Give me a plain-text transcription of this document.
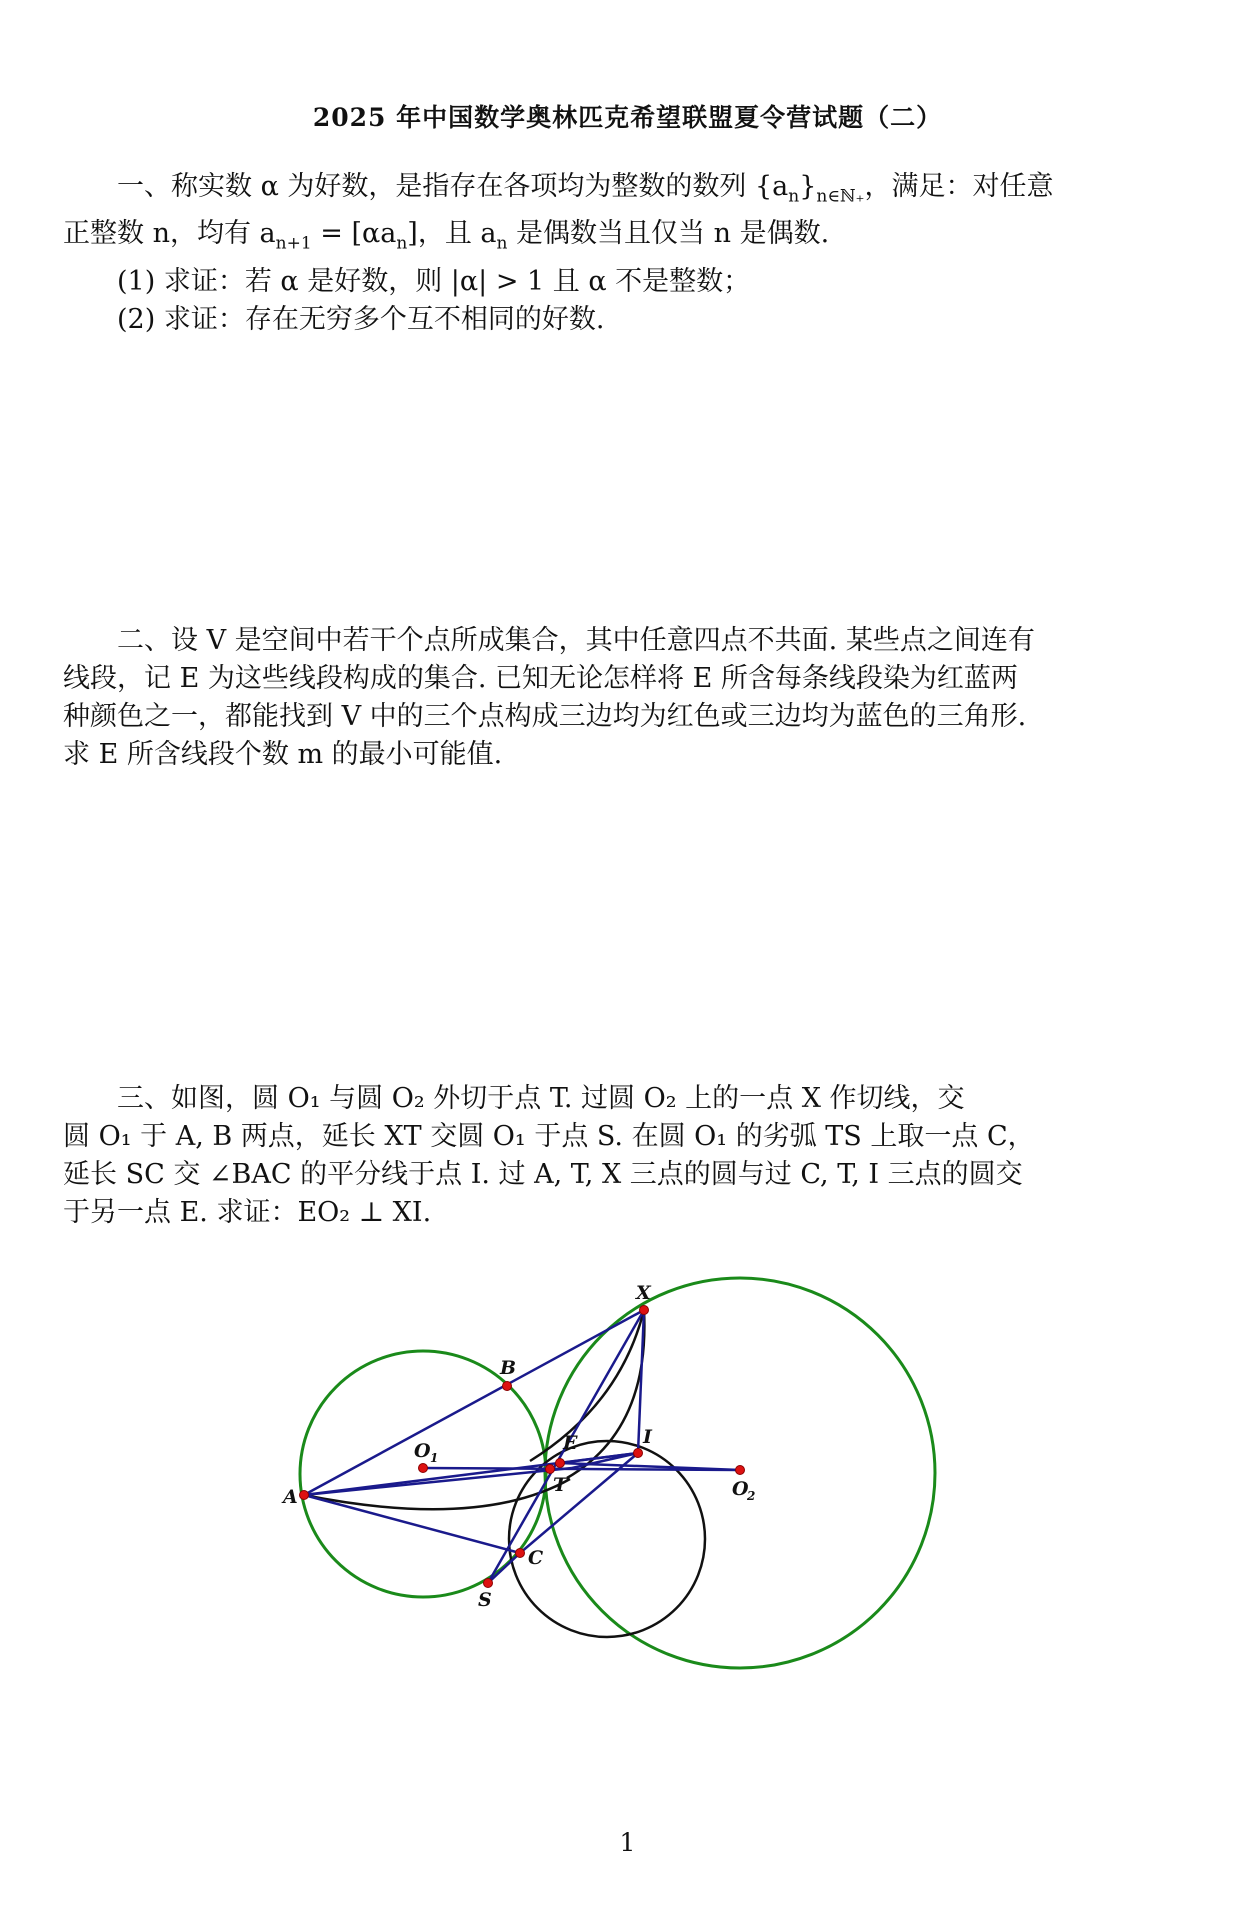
2025 年中国数学奥林匹克希望联盟夏令营试题（二）

一、称实数 α 为好数，是指存在各项均为整数的数列 $\{a_n\}_{n\in ℕ_+}$，满足：对任意

正整数 n，均有 $a_{n+1} = [\alpha a_n]$，且 $a_n$ 是偶数当且仅当 n 是偶数.

(1) 求证：若 α 是好数，则 |α| > 1 且 α 不是整数；

(2) 求证：存在无穷多个互不相同的好数.

二、设 V 是空间中若干个点所成集合，其中任意四点不共面. 某些点之间连有

线段，记 E 为这些线段构成的集合. 已知无论怎样将 E 所含每条线段染为红蓝两

种颜色之一，都能找到 V 中的三个点构成三边均为红色或三边均为蓝色的三角形.

求 E 所含线段个数 m 的最小可能值.

三、如图，圆 O₁ 与圆 O₂ 外切于点 T. 过圆 O₂ 上的一点 X 作切线，交

圆 O₁ 于 A, B 两点，延长 XT 交圆 O₁ 于点 S. 在圆 O₁ 的劣弧 TS 上取一点 C，

延长 SC 交 ∠BAC 的平分线于点 I. 过 A, T, X 三点的圆与过 C, T, I 三点的圆交

于另一点 E. 求证：EO₂ ⊥ XI.

X
B
O 1
E	I
A
T	O
2
C
S
1
